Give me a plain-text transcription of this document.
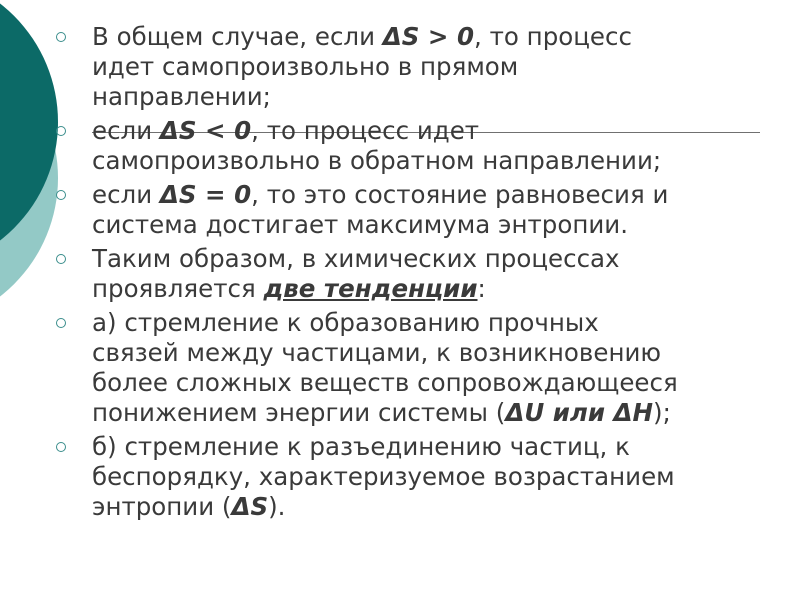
В общем случае, если ΔS > 0, то процесс
идет самопроизвольно в прямом
направлении;
если ΔS < 0, то процесс идет
самопроизвольно в обратном направлении;
если ΔS = 0, то это состояние равновесия и
система достигает максимума энтропии.
Таким образом, в химических процессах
проявляется две тенденции:
а) стремление к образованию прочных
связей между частицами, к возникновению
более сложных веществ сопровождающееся
понижением энергии системы (ΔU или ΔH);
б) стремление к разъединению частиц, к
беспорядку, характеризуемое возрастанием
энтропии (ΔS).
